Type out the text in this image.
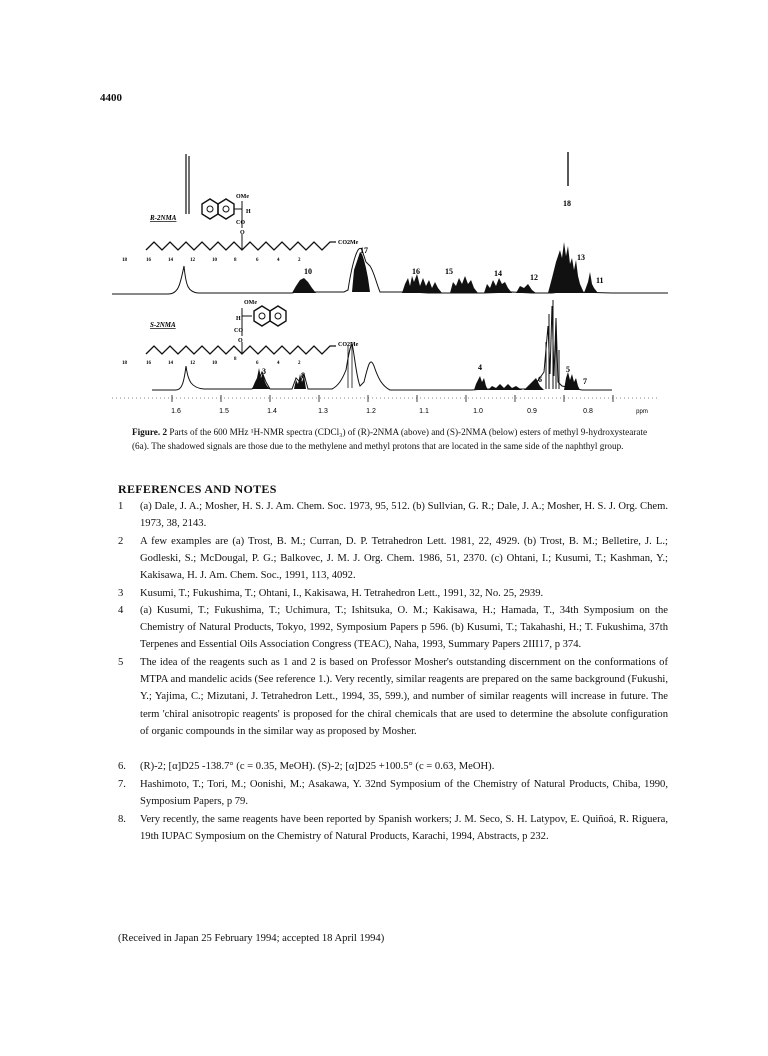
4400
R-2NMA
OMe
H
CO
O
CO2Me
18	16	14	12	10	8	6	4	2
18
17
10	16	15	14	12
13
11
S-2NMA
OMe
H
CO
O
CO2Me
18	16	14	12	10
8
6	4	2
3	8
4
6
5
7
1.6	1.5	1.4	1.3	1.2	1.1	1.0	0.9	0.8	ppm
Figure. 2 Parts of the 600 MHz ¹H-NMR spectra (CDCl₃) of (R)-2NMA (above) and (S)-2NMA (below) esters of methyl 9-hydroxystearate (6a). The shadowed signals are those due to the methylene and methyl protons that are located in the same side of the naphthyl group.
REFERENCES AND NOTES
1	(a) Dale, J. A.; Mosher, H. S. J. Am. Chem. Soc. 1973, 95, 512. (b) Sullvian, G. R.; Dale, J. A.; Mosher, H. S. J. Org. Chem. 1973, 38, 2143.
2	A few examples are (a) Trost, B. M.; Curran, D. P. Tetrahedron Lett. 1981, 22, 4929. (b) Trost, B. M.; Belletire, J. L.; Godleski, S.; McDougal, P. G.; Balkovec, J. M. J. Org. Chem. 1986, 51, 2370. (c) Ohtani, I.; Kusumi, T.; Kashman, Y.; Kakisawa, H. J. Am. Chem. Soc., 1991, 113, 4092.
3	Kusumi, T.; Fukushima, T.; Ohtani, I., Kakisawa, H. Tetrahedron Lett., 1991, 32, No. 25, 2939.
4	(a) Kusumi, T.; Fukushima, T.; Uchimura, T.; Ishitsuka, O. M.; Kakisawa, H.; Hamada, T., 34th Symposium on the Chemistry of Natural Products, Tokyo, 1992, Symposium Papers p 596. (b) Kusumi, T.; Takahashi, H.; T. Fukushima, 37th Terpenes and Essential Oils Association Congress (TEAC), Naha, 1993, Summary Papers 2III17, p 374.
5	The idea of the reagents such as 1 and 2 is based on Professor Mosher's outstanding discernment on the conformations of MTPA and mandelic acids (See reference 1.). Very recently, similar reagents are prepared on the same background (Fukushi, Y.; Yajima, C.; Mizutani, J. Tetrahedron Lett., 1994, 35, 599.), and number of similar reagents will increase in future. The term 'chiral anisotropic reagents' is proposed for the chiral chemicals that are used to determine the absolute configuration of organic compounds in the similar way as proposed by Mosher.
6.	(R)-2; [α]D25 -138.7° (c = 0.35, MeOH). (S)-2; [α]D25 +100.5° (c = 0.63, MeOH).
7.	Hashimoto, T.; Tori, M.; Oonishi, M.; Asakawa, Y. 32nd Symposium of the Chemistry of Natural Products, Chiba, 1990, Symposium Papers, p 79.
8.	Very recently, the same reagents have been reported by Spanish workers; J. M. Seco, S. H. Latypov, E. Quiñoá, R. Riguera, 19th IUPAC Symposium on the Chemistry of Natural Products, Karachi, 1994, Abstracts, p 232.
(Received in Japan 25 February 1994; accepted 18 April 1994)
